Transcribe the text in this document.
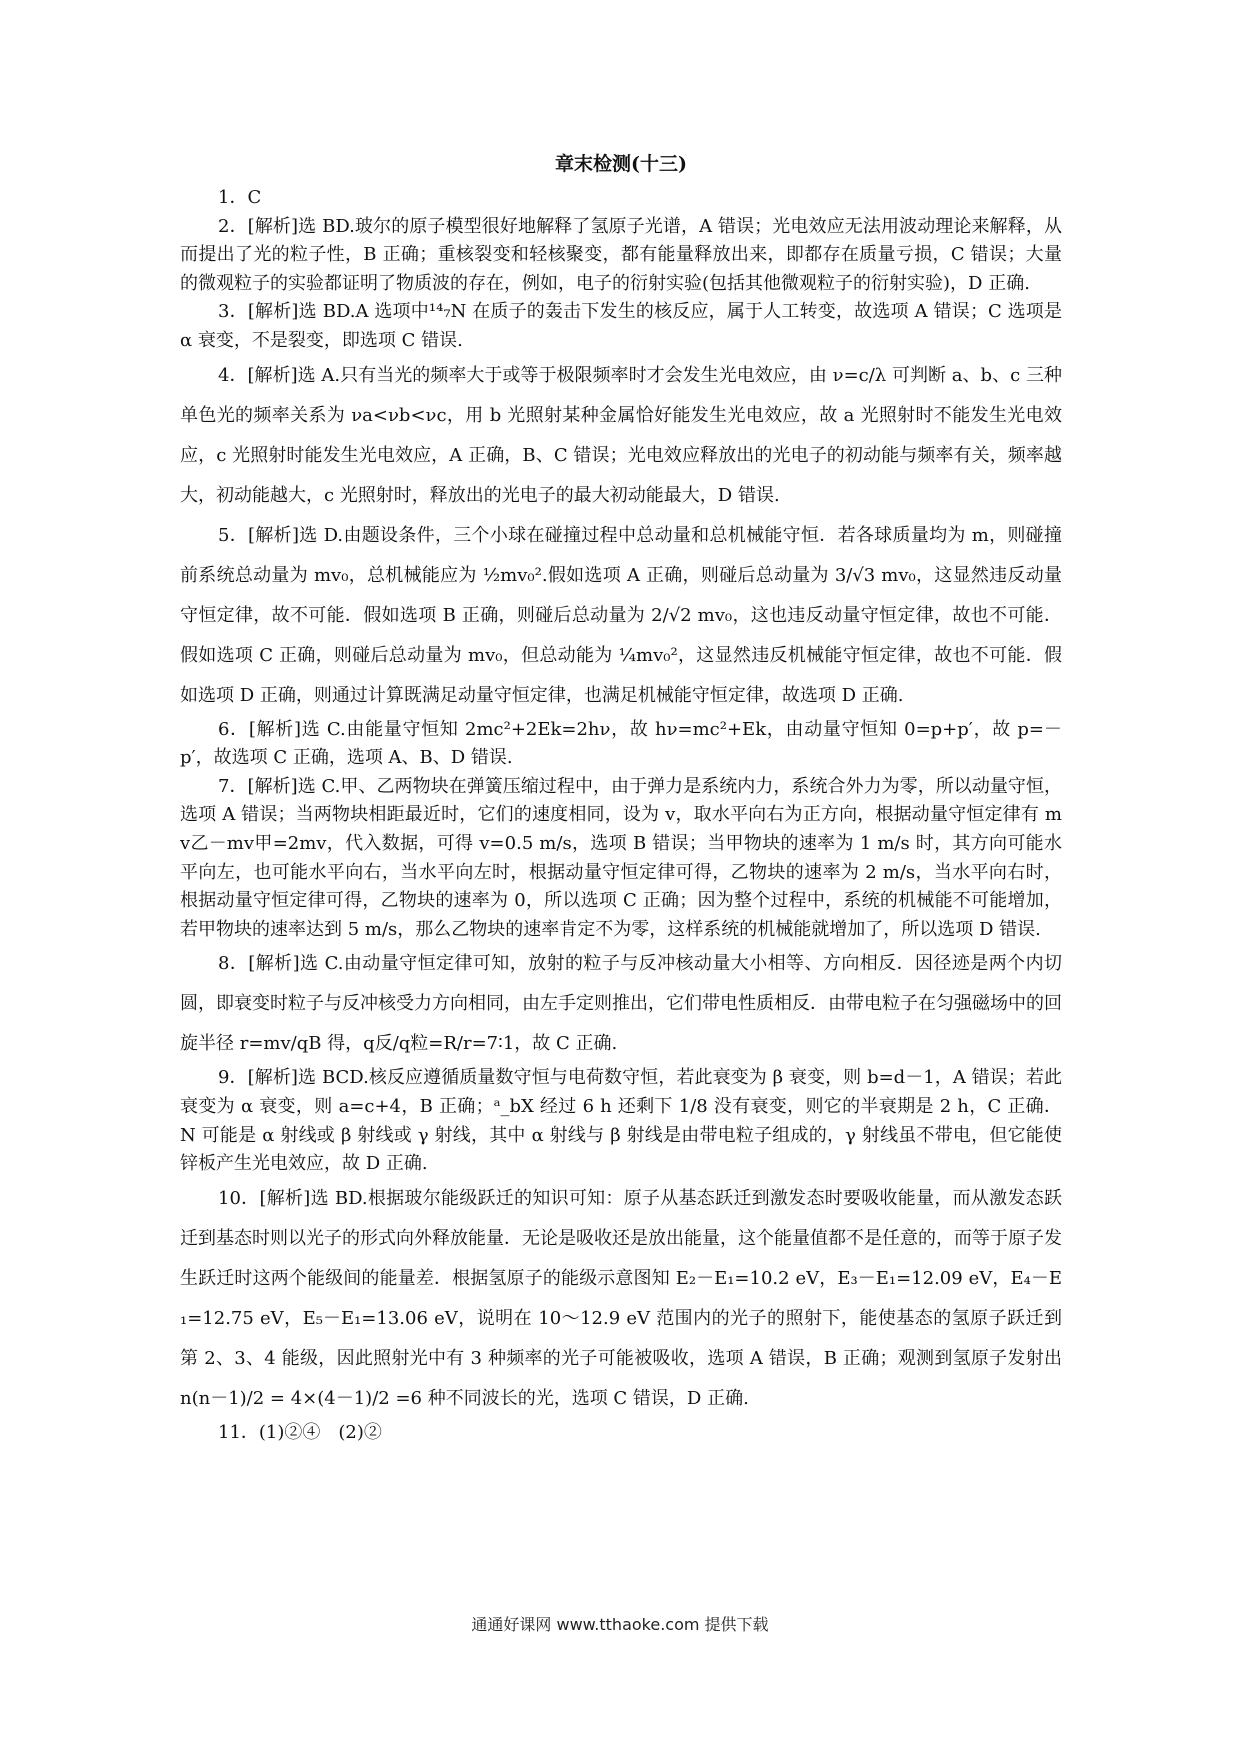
章末检测(十三)

1．C

2．[解析]选 BD.玻尔的原子模型很好地解释了氢原子光谱，A 错误；光电效应无法用波动理论来解释，从而提出了光的粒子性，B 正确；重核裂变和轻核聚变，都有能量释放出来，即都存在质量亏损，C 错误；大量的微观粒子的实验都证明了物质波的存在，例如，电子的衍射实验(包括其他微观粒子的衍射实验)，D 正确.

3．[解析]选 BD.A 选项中¹⁴₇N 在质子的轰击下发生的核反应，属于人工转变，故选项 A 错误；C 选项是 α 衰变，不是裂变，即选项 C 错误.

4．[解析]选 A.只有当光的频率大于或等于极限频率时才会发生光电效应，由 ν=c/λ 可判断 a、b、c 三种单色光的频率关系为 νa<νb<νc，用 b 光照射某种金属恰好能发生光电效应，故 a 光照射时不能发生光电效应，c 光照射时能发生光电效应，A 正确，B、C 错误；光电效应释放出的光电子的初动能与频率有关，频率越大，初动能越大，c 光照射时，释放出的光电子的最大初动能最大，D 错误.

5．[解析]选 D.由题设条件，三个小球在碰撞过程中总动量和总机械能守恒．若各球质量均为 m，则碰撞前系统总动量为 mv₀，总机械能应为 ½mv₀².假如选项 A 正确，则碰后总动量为 3/√3 mv₀，这显然违反动量守恒定律，故不可能．假如选项 B 正确，则碰后总动量为 2/√2 mv₀，这也违反动量守恒定律，故也不可能．假如选项 C 正确，则碰后总动量为 mv₀，但总动能为 ¼mv₀²，这显然违反机械能守恒定律，故也不可能．假如选项 D 正确，则通过计算既满足动量守恒定律，也满足机械能守恒定律，故选项 D 正确.

6．[解析]选 C.由能量守恒知 2mc²+2Ek=2hν，故 hν=mc²+Ek，由动量守恒知 0=p+p′，故 p=－p′，故选项 C 正确，选项 A、B、D 错误.

7．[解析]选 C.甲、乙两物块在弹簧压缩过程中，由于弹力是系统内力，系统合外力为零，所以动量守恒，选项 A 错误；当两物块相距最近时，它们的速度相同，设为 v，取水平向右为正方向，根据动量守恒定律有 mv乙－mv甲=2mv，代入数据，可得 v=0.5 m/s，选项 B 错误；当甲物块的速率为 1 m/s 时，其方向可能水平向左，也可能水平向右，当水平向左时，根据动量守恒定律可得，乙物块的速率为 2 m/s，当水平向右时，根据动量守恒定律可得，乙物块的速率为 0，所以选项 C 正确；因为整个过程中，系统的机械能不可能增加，若甲物块的速率达到 5 m/s，那么乙物块的速率肯定不为零，这样系统的机械能就增加了，所以选项 D 错误.

8．[解析]选 C.由动量守恒定律可知，放射的粒子与反冲核动量大小相等、方向相反．因径迹是两个内切圆，即衰变时粒子与反冲核受力方向相同，由左手定则推出，它们带电性质相反．由带电粒子在匀强磁场中的回旋半径 r=mv/qB 得，q反/q粒=R/r=7∶1，故 C 正确.

9．[解析]选 BCD.核反应遵循质量数守恒与电荷数守恒，若此衰变为 β 衰变，则 b=d－1，A 错误；若此衰变为 α 衰变，则 a=c+4，B 正确；ᵃ_bX 经过 6 h 还剩下 1/8 没有衰变，则它的半衰期是 2 h，C 正确．N 可能是 α 射线或 β 射线或 γ 射线，其中 α 射线与 β 射线是由带电粒子组成的，γ 射线虽不带电，但它能使锌板产生光电效应，故 D 正确.

10．[解析]选 BD.根据玻尔能级跃迁的知识可知：原子从基态跃迁到激发态时要吸收能量，而从激发态跃迁到基态时则以光子的形式向外释放能量．无论是吸收还是放出能量，这个能量值都不是任意的，而等于原子发生跃迁时这两个能级间的能量差．根据氢原子的能级示意图知 E₂－E₁=10.2 eV，E₃－E₁=12.09 eV，E₄－E₁=12.75 eV，E₅－E₁=13.06 eV，说明在 10～12.9 eV 范围内的光子的照射下，能使基态的氢原子跃迁到第 2、3、4 能级，因此照射光中有 3 种频率的光子可能被吸收，选项 A 错误，B 正确；观测到氢原子发射出 n(n－1)/2 = 4×(4－1)/2 =6 种不同波长的光，选项 C 错误，D 正确.

11．(1)②④　(2)②

通通好课网 www.tthaoke.com 提供下载
